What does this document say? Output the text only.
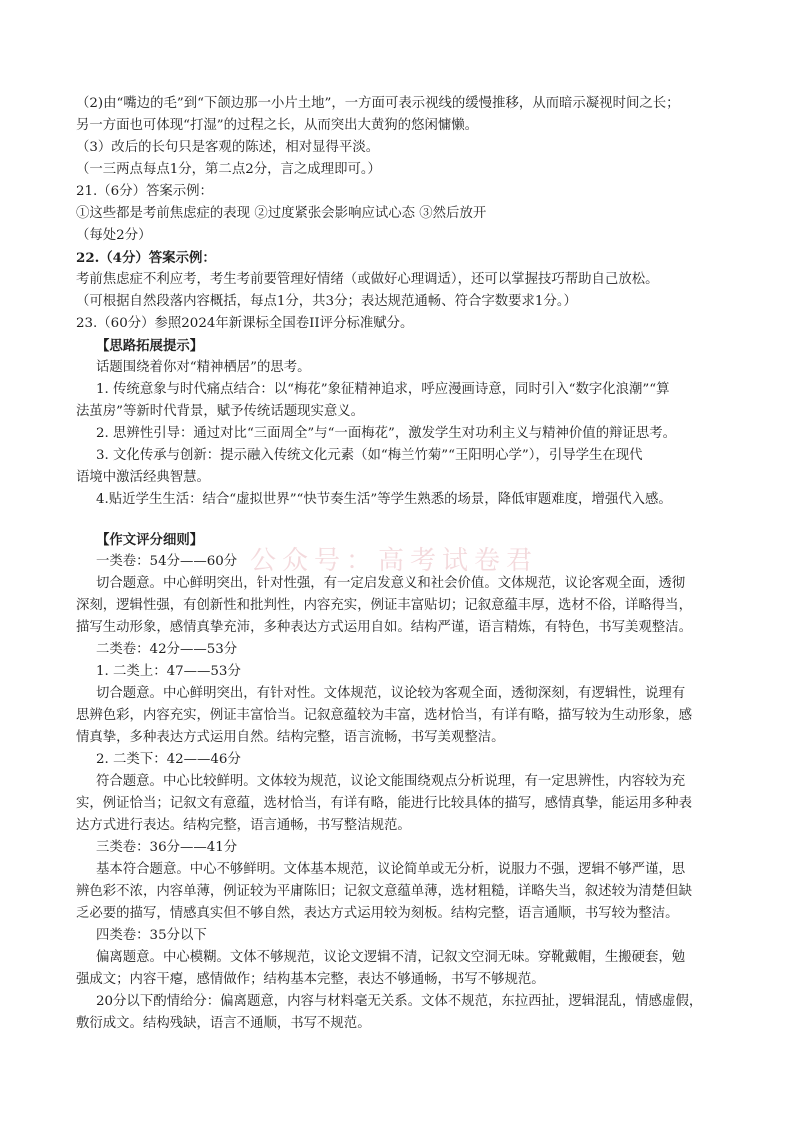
公众号：高考试卷君
（2)由“嘴边的毛”到“下颌边那一小片土地”，一方面可表示视线的缓慢推移，从而暗示凝视时间之长；
另一方面也可体现“打湿”的过程之长，从而突出大黄狗的悠闲慵懒。
（3）改后的长句只是客观的陈述，相对显得平淡。
（一三两点每点1分，第二点2分，言之成理即可。）
21.（6分）答案示例：
①这些都是考前焦虑症的表现 ②过度紧张会影响应试心态 ③然后放开
（每处2分）
22.（4分）答案示例：
考前焦虑症不利应考，考生考前要管理好情绪（或做好心理调适），还可以掌握技巧帮助自己放松。
（可根据自然段落内容概括，每点1分，共3分；表达规范通畅、符合字数要求1分。）
23.（60分）参照2024年新课标全国卷II评分标准赋分。
【思路拓展提示】
话题围绕着你对“精神栖居”的思考。
1. 传统意象与时代痛点结合：以“梅花”象征精神追求，呼应漫画诗意，同时引入“数字化浪潮”“算
法茧房”等新时代背景，赋予传统话题现实意义。
2. 思辨性引导：通过对比“三面周全”与“一面梅花”，激发学生对功利主义与精神价值的辩证思考。
3. 文化传承与创新：提示融入传统文化元素（如“梅兰竹菊”“王阳明心学”），引导学生在现代
语境中激活经典智慧。
4.贴近学生生活：结合“虚拟世界”“快节奏生活”等学生熟悉的场景，降低审题难度，增强代入感。
【作文评分细则】
一类卷：54分——60分
切合题意。中心鲜明突出，针对性强，有一定启发意义和社会价值。文体规范，议论客观全面，透彻
深刻，逻辑性强，有创新性和批判性，内容充实，例证丰富贴切；记叙意蕴丰厚，选材不俗，详略得当，
描写生动形象，感情真挚充沛，多种表达方式运用自如。结构严谨，语言精炼，有特色，书写美观整洁。
二类卷：42分——53分
1. 二类上：47——53分
切合题意。中心鲜明突出，有针对性。文体规范，议论较为客观全面，透彻深刻，有逻辑性，说理有
思辨色彩，内容充实，例证丰富恰当。记叙意蕴较为丰富，选材恰当，有详有略，描写较为生动形象，感
情真挚，多种表达方式运用自然。结构完整，语言流畅，书写美观整洁。
2. 二类下：42——46分
符合题意。中心比较鲜明。文体较为规范，议论文能围绕观点分析说理，有一定思辨性，内容较为充
实，例证恰当；记叙文有意蕴，选材恰当，有详有略，能进行比较具体的描写，感情真挚，能运用多种表
达方式进行表达。结构完整，语言通畅，书写整洁规范。
三类卷：36分——41分
基本符合题意。中心不够鲜明。文体基本规范，议论简单或无分析，说服力不强，逻辑不够严谨，思
辨色彩不浓，内容单薄，例证较为平庸陈旧；记叙文意蕴单薄，选材粗糙，详略失当，叙述较为清楚但缺
乏必要的描写，情感真实但不够自然，表达方式运用较为刻板。结构完整，语言通顺，书写较为整洁。
四类卷：35分以下
偏离题意。中心模糊。文体不够规范，议论文逻辑不清，记叙文空洞无味。穿靴戴帽，生搬硬套，勉
强成文；内容干瘪，感情做作；结构基本完整，表达不够通畅，书写不够规范。
20分以下酌情给分：偏离题意，内容与材料毫无关系。文体不规范，东拉西扯，逻辑混乱，情感虚假，
敷衍成文。结构残缺，语言不通顺，书写不规范。
